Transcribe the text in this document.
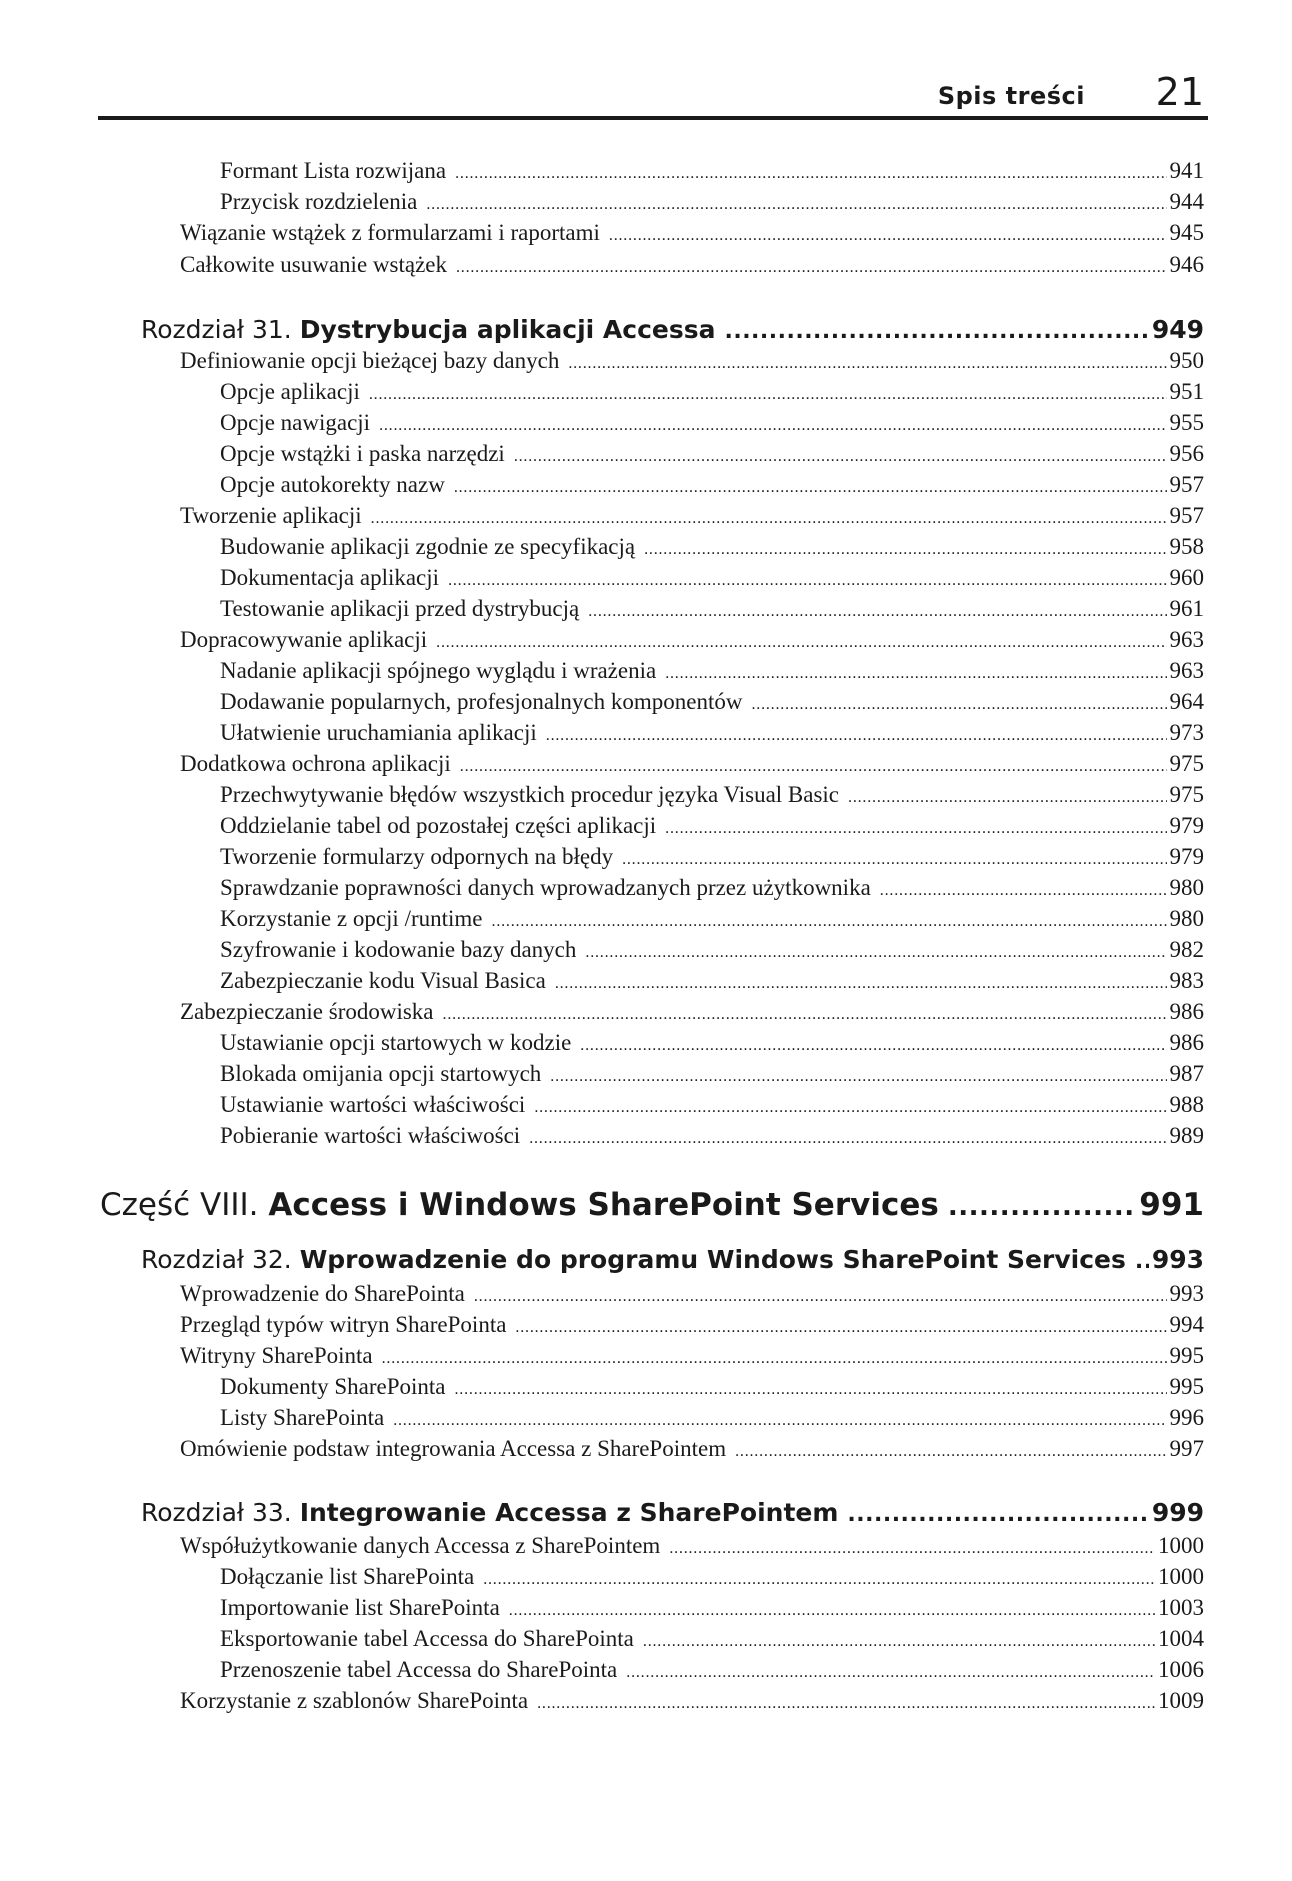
Spis treści 21
Formant Lista rozwijana .....	941
Przycisk rozdzielenia .....	944
Wiązanie wstążek z formularzami i raportami .....	945
Całkowite usuwanie wstążek .....	946
Rozdział 31. Dystrybucja aplikacji Accessa .....	949
Definiowanie opcji bieżącej bazy danych .....	950
Opcje aplikacji .....	951
Opcje nawigacji .....	955
Opcje wstążki i paska narzędzi .....	956
Opcje autokorekty nazw .....	957
Tworzenie aplikacji .....	957
Budowanie aplikacji zgodnie ze specyfikacją .....	958
Dokumentacja aplikacji .....	960
Testowanie aplikacji przed dystrybucją .....	961
Dopracowywanie aplikacji .....	963
Nadanie aplikacji spójnego wyglądu i wrażenia .....	963
Dodawanie popularnych, profesjonalnych komponentów .....	964
Ułatwienie uruchamiania aplikacji .....	973
Dodatkowa ochrona aplikacji .....	975
Przechwytywanie błędów wszystkich procedur języka Visual Basic .....	975
Oddzielanie tabel od pozostałej części aplikacji .....	979
Tworzenie formularzy odpornych na błędy .....	979
Sprawdzanie poprawności danych wprowadzanych przez użytkownika .....	980
Korzystanie z opcji /runtime .....	980
Szyfrowanie i kodowanie bazy danych .....	982
Zabezpieczanie kodu Visual Basica .....	983
Zabezpieczanie środowiska .....	986
Ustawianie opcji startowych w kodzie .....	986
Blokada omijania opcji startowych .....	987
Ustawianie wartości właściwości .....	988
Pobieranie wartości właściwości .....	989
Część VIII. Access i Windows SharePoint Services .....	991
Rozdział 32. Wprowadzenie do programu Windows SharePoint Services ..... 993
Wprowadzenie do SharePointa .....	993
Przegląd typów witryn SharePointa .....	994
Witryny SharePointa .....	995
Dokumenty SharePointa .....	995
Listy SharePointa .....	996
Omówienie podstaw integrowania Accessa z SharePointem .....	997
Rozdział 33. Integrowanie Accessa z SharePointem .....	999
Współużytkowanie danych Accessa z SharePointem .....	1000
Dołączanie list SharePointa .....	1000
Importowanie list SharePointa .....	1003
Eksportowanie tabel Accessa do SharePointa .....	1004
Przenoszenie tabel Accessa do SharePointa .....	1006
Korzystanie z szablonów SharePointa .....	1009
